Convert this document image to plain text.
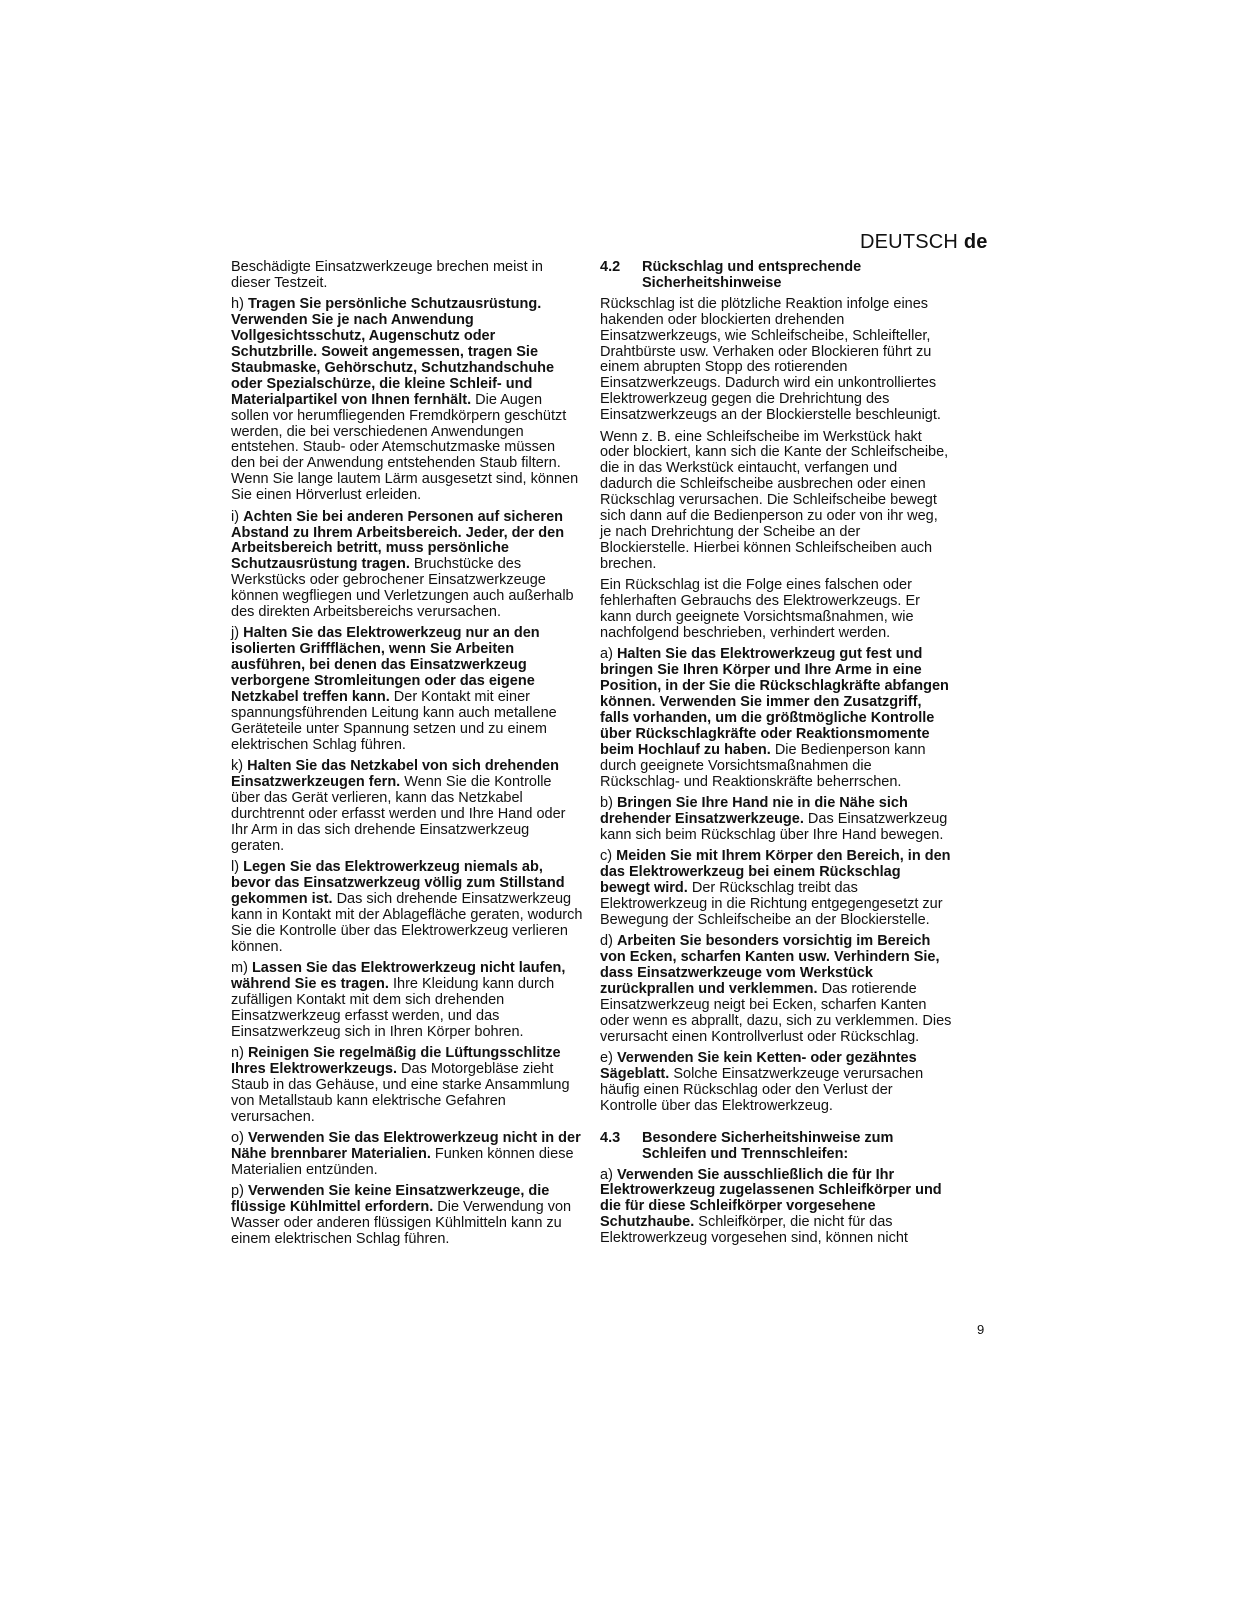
DEUTSCH de

Beschädigte Einsatzwerkzeuge brechen meist in dieser Testzeit.

h) Tragen Sie persönliche Schutzausrüstung. Verwenden Sie je nach Anwendung Vollgesichtsschutz, Augenschutz oder Schutzbrille. Soweit angemessen, tragen Sie Staubmaske, Gehörschutz, Schutzhandschuhe oder Spezialschürze, die kleine Schleif- und Materialpartikel von Ihnen fernhält. Die Augen sollen vor herumfliegenden Fremdkörpern geschützt werden, die bei verschiedenen Anwendungen entstehen. Staub- oder Atemschutzmaske müssen den bei der Anwendung entstehenden Staub filtern. Wenn Sie lange lautem Lärm ausgesetzt sind, können Sie einen Hörverlust erleiden.

i) Achten Sie bei anderen Personen auf sicheren Abstand zu Ihrem Arbeitsbereich. Jeder, der den Arbeitsbereich betritt, muss persönliche Schutzausrüstung tragen. Bruchstücke des Werkstücks oder gebrochener Einsatzwerkzeuge können wegfliegen und Verletzungen auch außerhalb des direkten Arbeitsbereichs verursachen.

j) Halten Sie das Elektrowerkzeug nur an den isolierten Griffflächen, wenn Sie Arbeiten ausführen, bei denen das Einsatzwerkzeug verborgene Stromleitungen oder das eigene Netzkabel treffen kann. Der Kontakt mit einer spannungsführenden Leitung kann auch metallene Geräteteile unter Spannung setzen und zu einem elektrischen Schlag führen.

k) Halten Sie das Netzkabel von sich drehenden Einsatzwerkzeugen fern. Wenn Sie die Kontrolle über das Gerät verlieren, kann das Netzkabel durchtrennt oder erfasst werden und Ihre Hand oder Ihr Arm in das sich drehende Einsatzwerkzeug geraten.

l) Legen Sie das Elektrowerkzeug niemals ab, bevor das Einsatzwerkzeug völlig zum Stillstand gekommen ist. Das sich drehende Einsatzwerkzeug kann in Kontakt mit der Ablagefläche geraten, wodurch Sie die Kontrolle über das Elektrowerkzeug verlieren können.

m) Lassen Sie das Elektrowerkzeug nicht laufen, während Sie es tragen. Ihre Kleidung kann durch zufälligen Kontakt mit dem sich drehenden Einsatzwerkzeug erfasst werden, und das Einsatzwerkzeug sich in Ihren Körper bohren.

n) Reinigen Sie regelmäßig die Lüftungsschlitze Ihres Elektrowerkzeugs. Das Motorgebläse zieht Staub in das Gehäuse, und eine starke Ansammlung von Metallstaub kann elektrische Gefahren verursachen.

o) Verwenden Sie das Elektrowerkzeug nicht in der Nähe brennbarer Materialien. Funken können diese Materialien entzünden.

p) Verwenden Sie keine Einsatzwerkzeuge, die flüssige Kühlmittel erfordern. Die Verwendung von Wasser oder anderen flüssigen Kühlmitteln kann zu einem elektrischen Schlag führen.

4.2	Rückschlag und entsprechende Sicherheitshinweise

Rückschlag ist die plötzliche Reaktion infolge eines hakenden oder blockierten drehenden Einsatzwerkzeugs, wie Schleifscheibe, Schleifteller, Drahtbürste usw. Verhaken oder Blockieren führt zu einem abrupten Stopp des rotierenden Einsatzwerkzeugs. Dadurch wird ein unkontrolliertes Elektrowerkzeug gegen die Drehrichtung des Einsatzwerkzeugs an der Blockierstelle beschleunigt.

Wenn z. B. eine Schleifscheibe im Werkstück hakt oder blockiert, kann sich die Kante der Schleifscheibe, die in das Werkstück eintaucht, verfangen und dadurch die Schleifscheibe ausbrechen oder einen Rückschlag verursachen. Die Schleifscheibe bewegt sich dann auf die Bedienperson zu oder von ihr weg, je nach Drehrichtung der Scheibe an der Blockierstelle. Hierbei können Schleifscheiben auch brechen.

Ein Rückschlag ist die Folge eines falschen oder fehlerhaften Gebrauchs des Elektrowerkzeugs. Er kann durch geeignete Vorsichtsmaßnahmen, wie nachfolgend beschrieben, verhindert werden.

a) Halten Sie das Elektrowerkzeug gut fest und bringen Sie Ihren Körper und Ihre Arme in eine Position, in der Sie die Rückschlagkräfte abfangen können. Verwenden Sie immer den Zusatzgriff, falls vorhanden, um die größtmögliche Kontrolle über Rückschlagkräfte oder Reaktionsmomente beim Hochlauf zu haben. Die Bedienperson kann durch geeignete Vorsichtsmaßnahmen die Rückschlag- und Reaktionskräfte beherrschen.

b) Bringen Sie Ihre Hand nie in die Nähe sich drehender Einsatzwerkzeuge. Das Einsatzwerkzeug kann sich beim Rückschlag über Ihre Hand bewegen.

c) Meiden Sie mit Ihrem Körper den Bereich, in den das Elektrowerkzeug bei einem Rückschlag bewegt wird. Der Rückschlag treibt das Elektrowerkzeug in die Richtung entgegengesetzt zur Bewegung der Schleifscheibe an der Blockierstelle.

d) Arbeiten Sie besonders vorsichtig im Bereich von Ecken, scharfen Kanten usw. Verhindern Sie, dass Einsatzwerkzeuge vom Werkstück zurückprallen und verklemmen. Das rotierende Einsatzwerkzeug neigt bei Ecken, scharfen Kanten oder wenn es abprallt, dazu, sich zu verklemmen. Dies verursacht einen Kontrollverlust oder Rückschlag.

e) Verwenden Sie kein Ketten- oder gezähntes Sägeblatt. Solche Einsatzwerkzeuge verursachen häufig einen Rückschlag oder den Verlust der Kontrolle über das Elektrowerkzeug.

4.3	Besondere Sicherheitshinweise zum Schleifen und Trennschleifen:

a) Verwenden Sie ausschließlich die für Ihr Elektrowerkzeug zugelassenen Schleifkörper und die für diese Schleifkörper vorgesehene Schutzhaube. Schleifkörper, die nicht für das Elektrowerkzeug vorgesehen sind, können nicht

9
